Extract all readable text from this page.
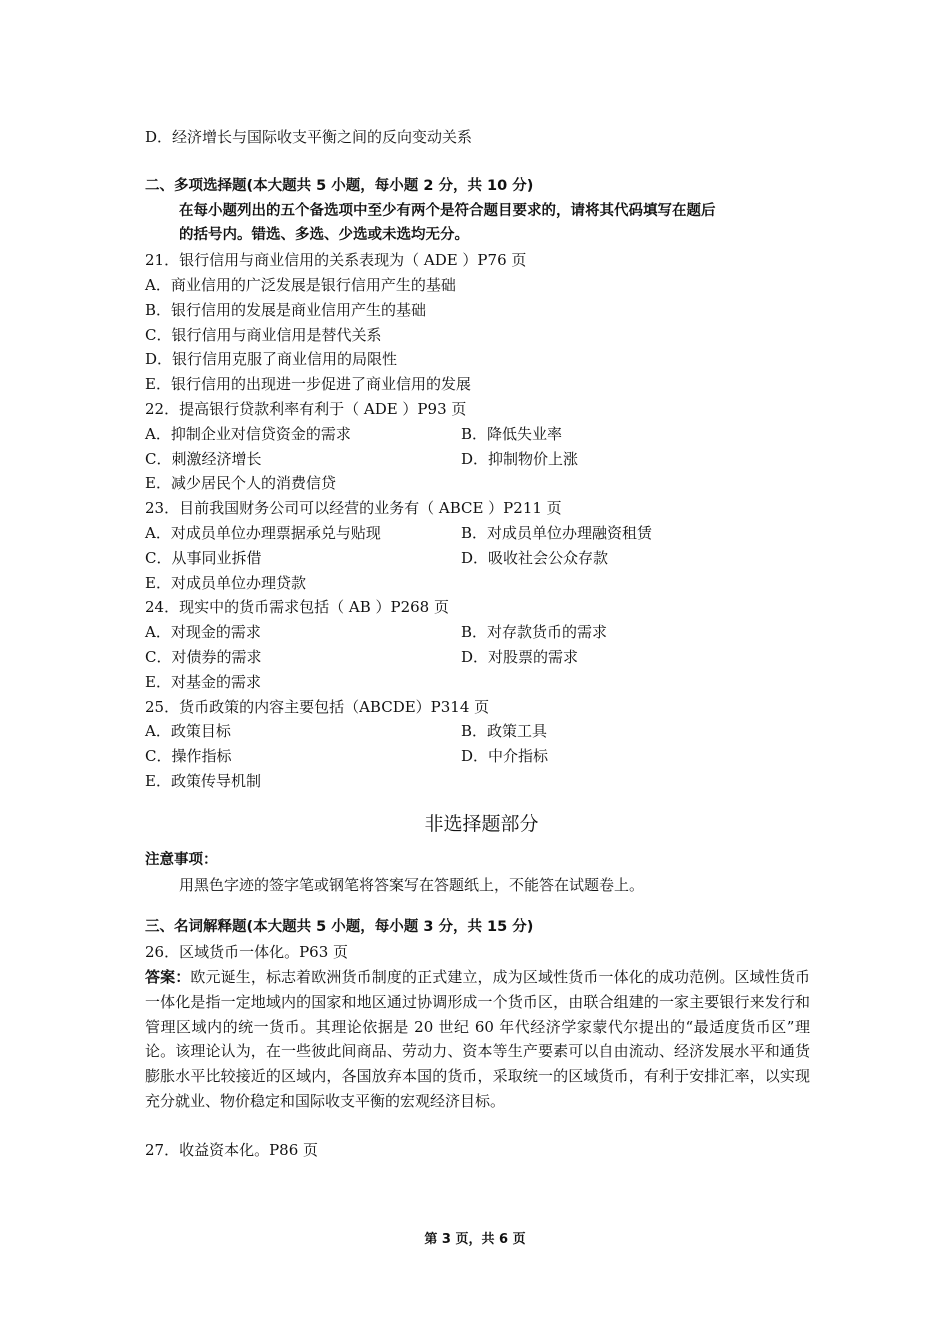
D．经济增长与国际收支平衡之间的反向变动关系
二、多项选择题(本大题共 5 小题，每小题 2 分，共 10 分)
在每小题列出的五个备选项中至少有两个是符合题目要求的，请将其代码填写在题后
的括号内。错选、多选、少选或未选均无分。
21．银行信用与商业信用的关系表现为（ ADE ）P76 页
A．商业信用的广泛发展是银行信用产生的基础
B．银行信用的发展是商业信用产生的基础
C．银行信用与商业信用是替代关系
D．银行信用克服了商业信用的局限性
E．银行信用的出现进一步促进了商业信用的发展
22．提高银行贷款利率有利于（ ADE ）P93 页
A．抑制企业对信贷资金的需求	B．降低失业率
C．刺激经济增长	D．抑制物价上涨
E．减少居民个人的消费信贷
23．目前我国财务公司可以经营的业务有（ ABCE ）P211 页
A．对成员单位办理票据承兑与贴现	B．对成员单位办理融资租赁
C．从事同业拆借	D．吸收社会公众存款
E．对成员单位办理贷款
24．现实中的货币需求包括（ AB ）P268 页
A．对现金的需求	B．对存款货币的需求
C．对债券的需求	D．对股票的需求
E．对基金的需求
25．货币政策的内容主要包括（ABCDE）P314 页
A．政策目标	B．政策工具
C．操作指标	D．中介指标
E．政策传导机制
非选择题部分
注意事项：
用黑色字迹的签字笔或钢笔将答案写在答题纸上，不能答在试题卷上。
三、名词解释题(本大题共 5 小题，每小题 3 分，共 15 分)
26．区域货币一体化。P63 页
答案：欧元诞生，标志着欧洲货币制度的正式建立，成为区域性货币一体化的成功范例。区域性货币一体化是指一定地域内的国家和地区通过协调形成一个货币区，由联合组建的一家主要银行来发行和管理区域内的统一货币。其理论依据是 20 世纪 60 年代经济学家蒙代尔提出的“最适度货币区”理论。该理论认为，在一些彼此间商品、劳动力、资本等生产要素可以自由流动、经济发展水平和通货膨胀水平比较接近的区域内，各国放弃本国的货币，采取统一的区域货币，有利于安排汇率，以实现充分就业、物价稳定和国际收支平衡的宏观经济目标。
27．收益资本化。P86 页
第 3 页，共 6 页
